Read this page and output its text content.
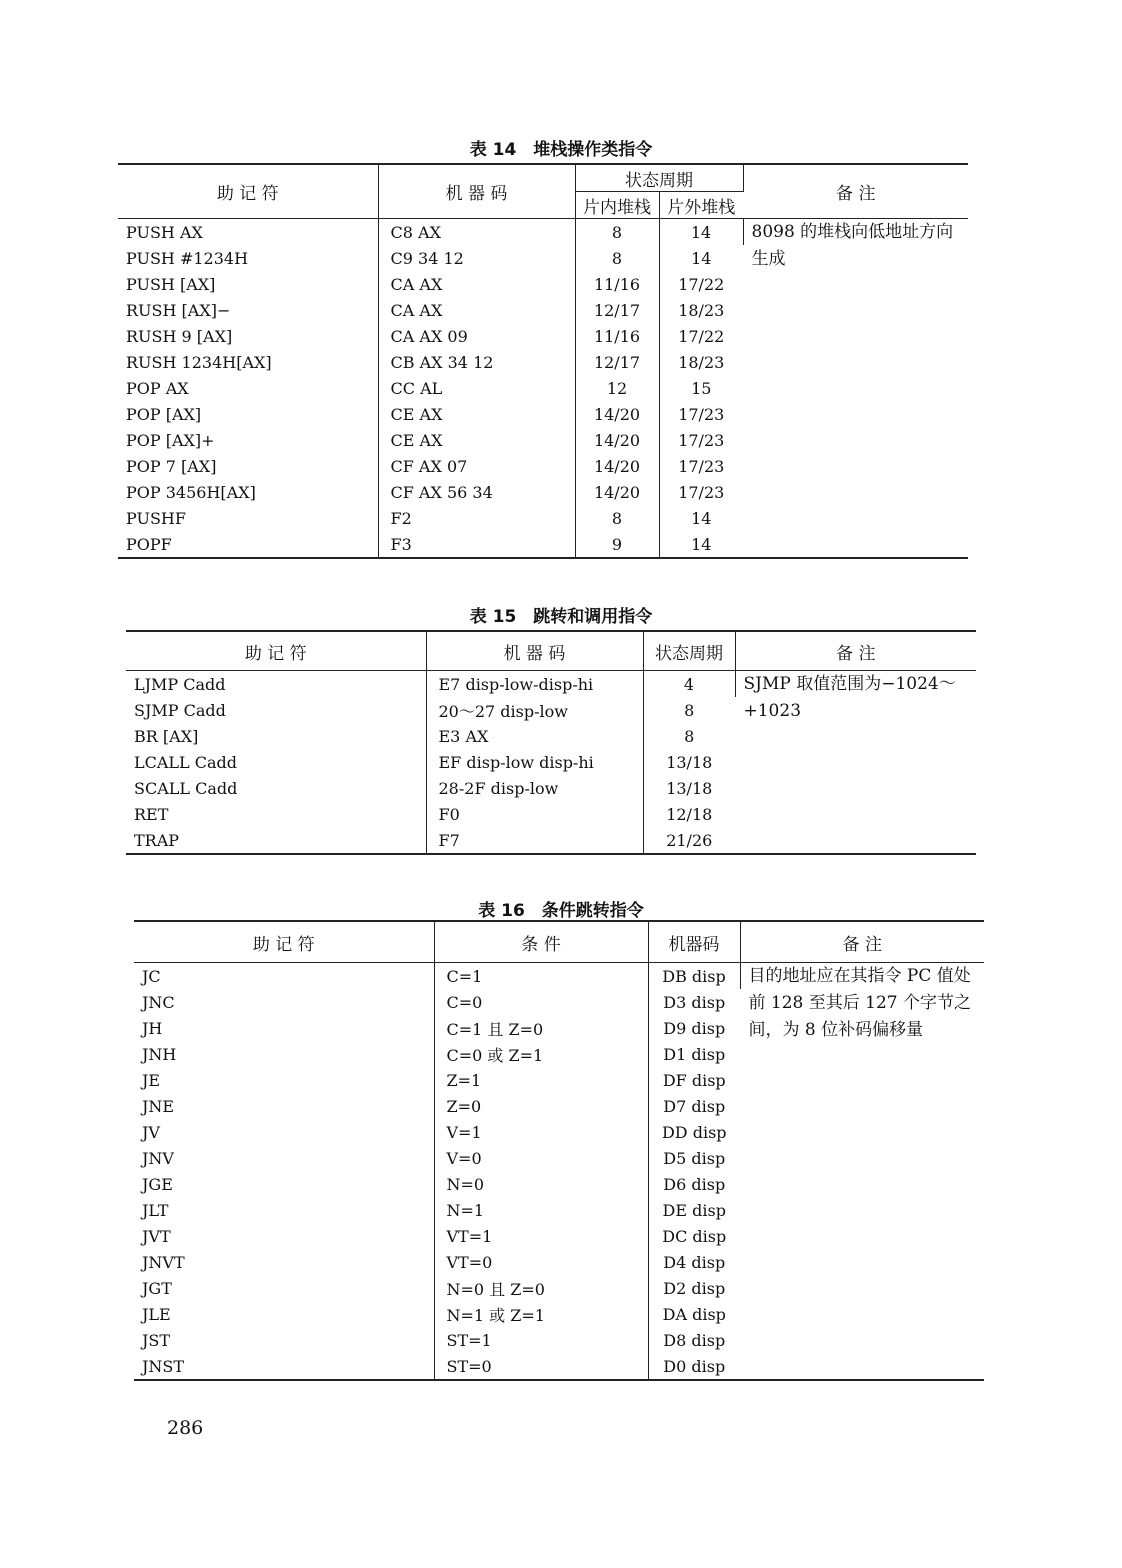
表 14　堆栈操作类指令
助 记 符	机 器 码	状态周期		备 注
		片内堆栈	片外堆栈	
PUSH AX	C8 AX	8	14	8098 的堆栈向低地址方向生成
PUSH #1234H	C9 34 12	8	14	
PUSH [AX]	CA AX	11/16	17/22	
RUSH [AX]−	CA AX	12/17	18/23	
RUSH 9 [AX]	CA AX 09	11/16	17/22	
RUSH 1234H[AX]	CB AX 34 12	12/17	18/23	
POP AX	CC AL	12	15	
POP [AX]	CE AX	14/20	17/23	
POP [AX]+	CE AX	14/20	17/23	
POP 7 [AX]	CF AX 07	14/20	17/23	
POP 3456H[AX]	CF AX 56 34	14/20	17/23	
PUSHF	F2	8	14	
POPF	F3	9	14	
表 15　跳转和调用指令
助 记 符	机 器 码	状态周期	备 注
LJMP Cadd	E7 disp-low-disp-hi	4	SJMP 取值范围为−1024～+1023
SJMP Cadd	20～27 disp-low	8	
BR [AX]	E3 AX	8	
LCALL Cadd	EF disp-low disp-hi	13/18	
SCALL Cadd	28-2F disp-low	13/18	
RET	F0	12/18	
TRAP	F7	21/26	
表 16　条件跳转指令
助 记 符	条 件	机器码	备 注
JC	C=1	DB disp	目的地址应在其指令 PC 值处前 128 至其后 127 个字节之间，为 8 位补码偏移量
JNC	C=0	D3 disp	
JH	C=1 且 Z=0	D9 disp	
JNH	C=0 或 Z=1	D1 disp	
JE	Z=1	DF disp	
JNE	Z=0	D7 disp	
JV	V=1	DD disp	
JNV	V=0	D5 disp	
JGE	N=0	D6 disp	
JLT	N=1	DE disp	
JVT	VT=1	DC disp	
JNVT	VT=0	D4 disp	
JGT	N=0 且 Z=0	D2 disp	
JLE	N=1 或 Z=1	DA disp	
JST	ST=1	D8 disp	
JNST	ST=0	D0 disp	
286
